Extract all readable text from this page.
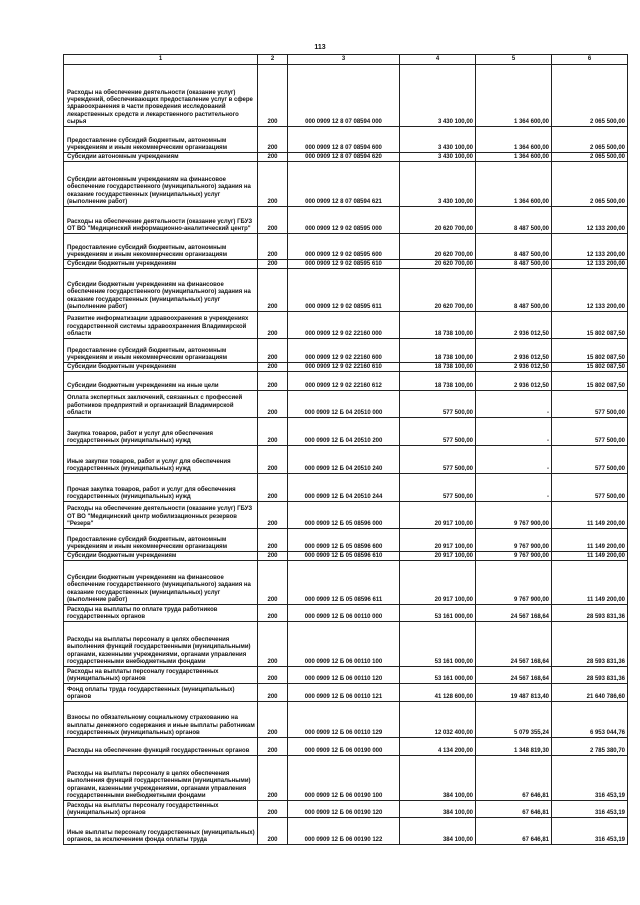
113
1	2	3	4	5	6
Расходы на обеспечение деятельности (оказание услуг) учреждений, обеспечивающих предоставление услуг в сфере здравоохранения в части проведения исследований лекарственных средств и лекарственного растительного сырья	200	000 0909 12 8 07 08594 000	3 430 100,00	1 364 600,00	2 065 500,00
Предоставление субсидий бюджетным, автономным учреждениям и иным некоммерческим организациям	200	000 0909 12 8 07 08594 600	3 430 100,00	1 364 600,00	2 065 500,00
Субсидии автономным учреждениям	200	000 0909 12 8 07 08594 620	3 430 100,00	1 364 600,00	2 065 500,00
Субсидии автономным учреждениям на финансовое обеспечение государственного (муниципального) задания на оказание государственных (муниципальных) услуг (выполнение работ)	200	000 0909 12 8 07 08594 621	3 430 100,00	1 364 600,00	2 065 500,00
Расходы на обеспечение деятельности (оказание услуг) ГБУЗ ОТ ВО "Медицинский информационно-аналитический центр"	200	000 0909 12 9 02 08595 000	20 620 700,00	8 487 500,00	12 133 200,00
Предоставление субсидий бюджетным, автономным учреждениям и иным некоммерческим организациям	200	000 0909 12 9 02 08595 600	20 620 700,00	8 487 500,00	12 133 200,00
Субсидии бюджетным учреждениям	200	000 0909 12 9 02 08595 610	20 620 700,00	8 487 500,00	12 133 200,00
Субсидии бюджетным учреждениям на финансовое обеспечение государственного (муниципального) задания на оказание государственных (муниципальных) услуг (выполнение работ)	200	000 0909 12 9 02 08595 611	20 620 700,00	8 487 500,00	12 133 200,00
Развитие информатизации здравоохранения в учреждениях государственной системы здравоохранения Владимирской области	200	000 0909 12 9 02 22160 000	18 738 100,00	2 936 012,50	15 802 087,50
Предоставление субсидий бюджетным, автономным учреждениям и иным некоммерческим организациям	200	000 0909 12 9 02 22160 600	18 738 100,00	2 936 012,50	15 802 087,50
Субсидии бюджетным учреждениям	200	000 0909 12 9 02 22160 610	18 738 100,00	2 936 012,50	15 802 087,50
Субсидии бюджетным учреждениям на иные цели	200	000 0909 12 9 02 22160 612	18 738 100,00	2 936 012,50	15 802 087,50
Оплата экспертных заключений, связанных с профессией работников предприятий и организаций Владимирской области	200	000 0909 12 Б 04 20510 000	577 500,00	-	577 500,00
Закупка товаров, работ и услуг для обеспечения государственных (муниципальных) нужд	200	000 0909 12 Б 04 20510 200	577 500,00	-	577 500,00
Иные закупки товаров, работ и услуг для обеспечения государственных (муниципальных) нужд	200	000 0909 12 Б 04 20510 240	577 500,00	-	577 500,00
Прочая закупка товаров, работ и услуг для обеспечения государственных (муниципальных) нужд	200	000 0909 12 Б 04 20510 244	577 500,00	-	577 500,00
Расходы на обеспечение деятельности (оказание услуг) ГБУЗ ОТ ВО "Медицинский центр мобилизационных резервов "Резерв"	200	000 0909 12 Б 05 08596 000	20 917 100,00	9 767 900,00	11 149 200,00
Предоставление субсидий бюджетным, автономным учреждениям и иным некоммерческим организациям	200	000 0909 12 Б 05 08596 600	20 917 100,00	9 767 900,00	11 149 200,00
Субсидии бюджетным учреждениям	200	000 0909 12 Б 05 08596 610	20 917 100,00	9 767 900,00	11 149 200,00
Субсидии бюджетным учреждениям на финансовое обеспечение государственного (муниципального) задания на оказание государственных (муниципальных) услуг (выполнение работ)	200	000 0909 12 Б 05 08596 611	20 917 100,00	9 767 900,00	11 149 200,00
Расходы на выплаты по оплате труда работников государственных органов	200	000 0909 12 Б 06 00110 000	53 161 000,00	24 567 168,64	28 593 831,36
Расходы на выплаты персоналу в целях обеспечения выполнения функций государственными (муниципальными) органами, казенными учреждениями, органами управления государственными внебюджетными фондами	200	000 0909 12 Б 06 00110 100	53 161 000,00	24 567 168,64	28 593 831,36
Расходы на выплаты персоналу государственных (муниципальных) органов	200	000 0909 12 Б 06 00110 120	53 161 000,00	24 567 168,64	28 593 831,36
Фонд оплаты труда государственных (муниципальных) органов	200	000 0909 12 Б 06 00110 121	41 128 600,00	19 487 813,40	21 640 786,60
Взносы по обязательному социальному страхованию на выплаты денежного содержания и иные выплаты работникам государственных (муниципальных) органов	200	000 0909 12 Б 06 00110 129	12 032 400,00	5 079 355,24	6 953 044,76
Расходы на обеспечение функций государственных органов	200	000 0909 12 Б 06 00190 000	4 134 200,00	1 348 819,30	2 785 380,70
Расходы на выплаты персоналу в целях обеспечения выполнения функций государственными (муниципальными) органами, казенными учреждениями, органами управления государственными внебюджетными фондами	200	000 0909 12 Б 06 00190 100	384 100,00	67 646,81	316 453,19
Расходы на выплаты персоналу государственных (муниципальных) органов	200	000 0909 12 Б 06 00190 120	384 100,00	67 646,81	316 453,19
Иные выплаты персоналу государственных (муниципальных) органов, за исключением фонда оплаты труда	200	000 0909 12 Б 06 00190 122	384 100,00	67 646,81	316 453,19
